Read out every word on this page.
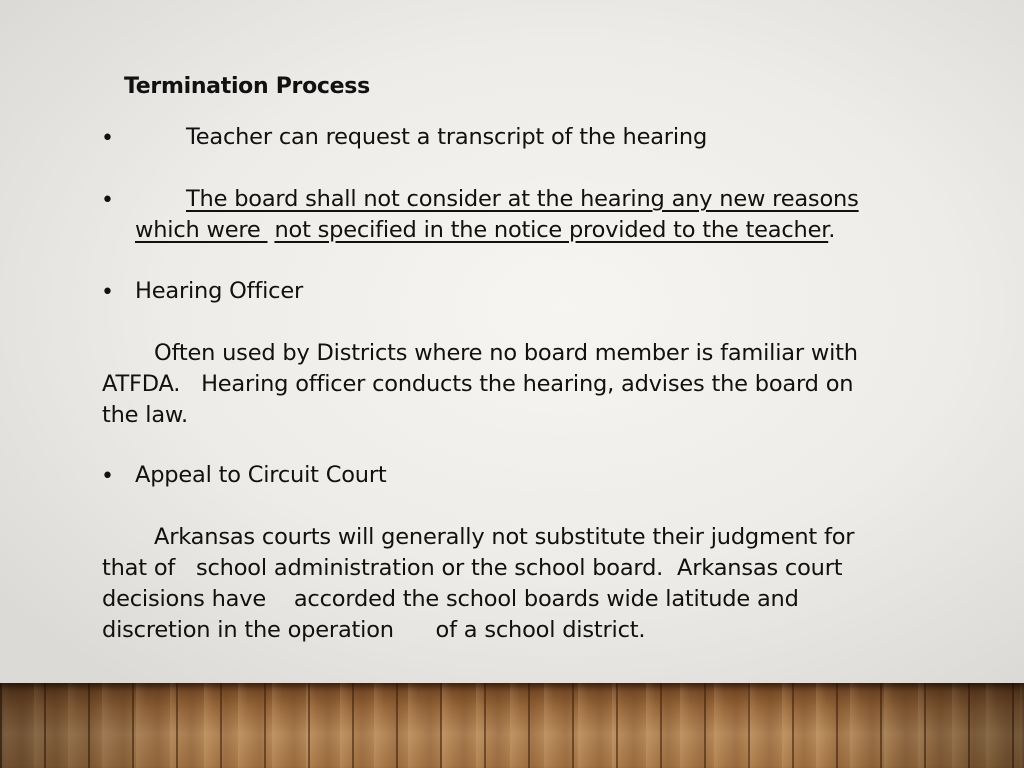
Termination Process
•	Teacher can request a transcript of the hearing
•	The board shall not consider at the hearing any new reasons
which were  not specified in the notice provided to the teacher.
• Hearing Officer
Often used by Districts where no board member is familiar with
ATFDA.   Hearing officer conducts the hearing, advises the board on
the law.
• Appeal to Circuit Court
Arkansas courts will generally not substitute their judgment for
that of   school administration or the school board.  Arkansas court
decisions have    accorded the school boards wide latitude and
discretion in the operation      of a school district.
